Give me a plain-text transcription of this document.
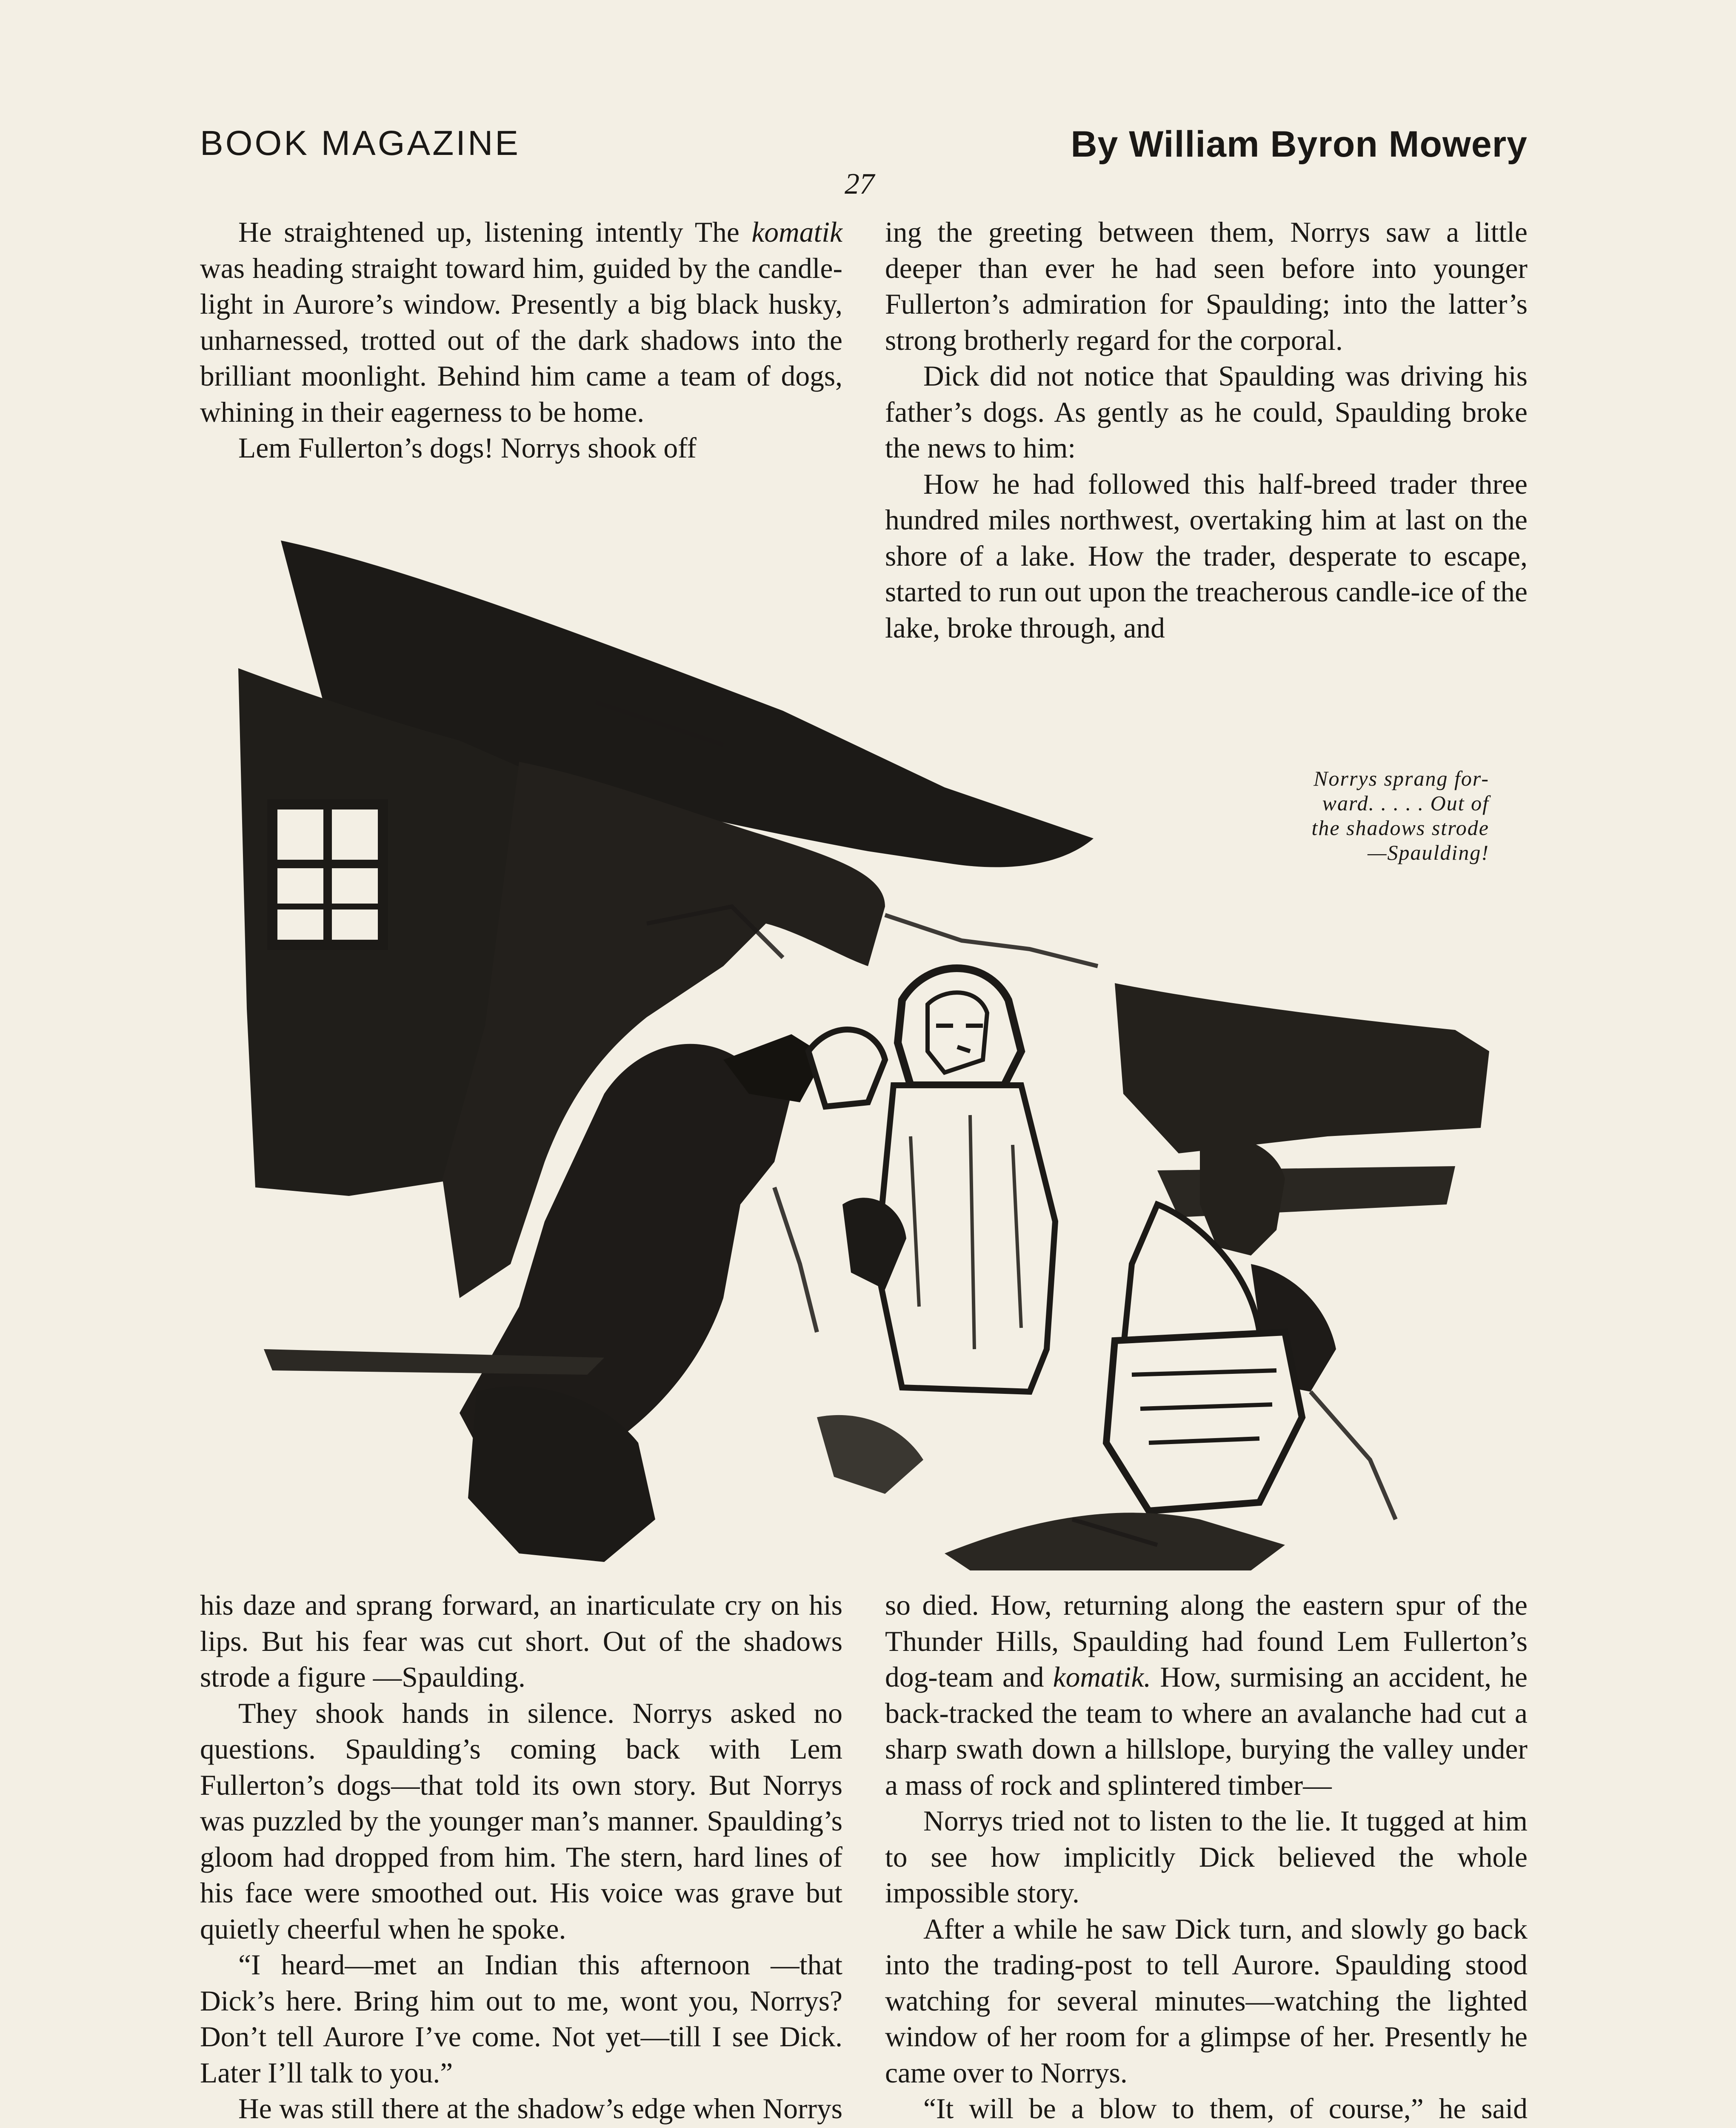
BOOK MAGAZINE	By William Byron Mowery
27

He straightened up, listening intently The komatik was heading straight toward him, guided by the candle-light in Aurore’s window. Presently a big black husky, unharnessed, trotted out of the dark shadows into the brilliant moonlight. Behind him came a team of dogs, whining in their eagerness to be home.

Lem Fullerton’s dogs! Norrys shook off

ing the greeting between them, Norrys saw a little deeper than ever he had seen before into younger Fullerton’s admiration for Spaulding; into the latter’s strong brotherly regard for the corporal.

Dick did not notice that Spaulding was driving his father’s dogs. As gently as he could, Spaulding broke the news to him:

How he had followed this half-breed trader three hundred miles northwest, overtaking him at last on the shore of a lake. How the trader, desperate to escape, started to run out upon the treacherous candle-ice of the lake, broke through, and

Norrys sprang for-
ward. . . . . Out of
the shadows strode
—Spaulding!

his daze and sprang forward, an inarticulate cry on his lips. But his fear was cut short. Out of the shadows strode a figure —Spaulding.

They shook hands in silence. Norrys asked no questions. Spaulding’s coming back with Lem Fullerton’s dogs—that told its own story. But Norrys was puzzled by the younger man’s manner. Spaulding’s gloom had dropped from him. The stern, hard lines of his face were smoothed out. His voice was grave but quietly cheerful when he spoke.

“I heard—met an Indian this afternoon —that Dick’s here. Bring him out to me, wont you, Norrys? Don’t tell Aurore I’ve come. Not yet—till I see Dick. Later I’ll talk to you.”

He was still there at the shadow’s edge when Norrys

so died. How, returning along the eastern spur of the Thunder Hills, Spaulding had found Lem Fullerton’s dog-team and komatik. How, surmising an accident, he back-tracked the team to where an avalanche had cut a sharp swath down a hillslope, burying the valley under a mass of rock and splintered timber—

Norrys tried not to listen to the lie. It tugged at him to see how implicitly Dick believed the whole impossible story.

After a while he saw Dick turn, and slowly go back into the trading-post to tell Aurore. Spaulding stood watching for several minutes—watching the lighted window of her room for a glimpse of her. Presently he came over to Norrys.

“It will be a blow to them, of course,” he said
